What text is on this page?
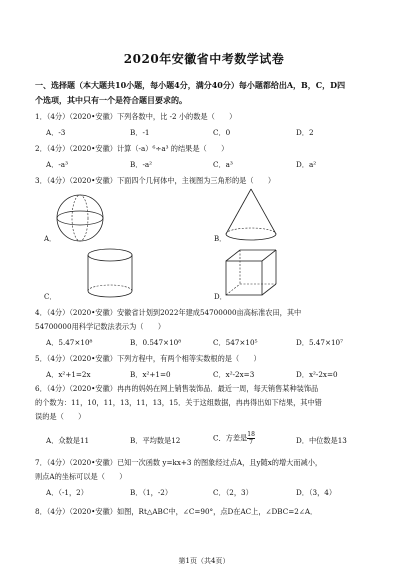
2020年安徽省中考数学试卷
一、选择题（本大题共10小题，每小题4分，满分40分）每小题都给出A，B，C，D四
个选项，其中只有一个是符合题目要求的。
1．（4分）（2020•安徽）下列各数中，比 -2 小的数是（　　）
A．-3	B．-1	C．0	D．2
2．（4分）（2020•安徽）计算（-a）⁶÷a³ 的结果是（　　）
A．-a³	B．-a²	C．a³	D．a²
3．（4分）（2020•安徽）下面四个几何体中，主视图为三角形的是（　　）
A．	B．
C．	D．
4．（4分）（2020•安徽）安徽省计划到2022年建成54700000亩高标准农田，其中
54700000用科学记数法表示为（　　）
A．5.47×10⁸	B．0.547×10⁸	C．547×10⁵	D．5.47×10⁷
5．（4分）（2020•安徽）下列方程中，有两个相等实数根的是（　　）
A．x²+1=2x	B．x²+1=0	C．x²-2x=3	D．x²-2x=0
6．（4分）（2020•安徽）冉冉的妈妈在网上销售装饰品．最近一周，每天销售某种装饰品
的个数为：11，10，11，13，11，13，15．关于这组数据，冉冉得出如下结果，其中错
误的是（　　）
A．众数是11	B．平均数是12	C．方差是 $\frac{18}{7}$	D．中位数是13
7．（4分）（2020•安徽）已知一次函数 y=kx+3 的图象经过点A，且y随x的增大而减小，
则点A的坐标可以是（　　）
A．（-1，2）	B．（1，-2）	C．（2，3）	D．（3，4）
8．（4分）（2020•安徽）如图，Rt△ABC中，∠C=90°，点D在AC上，∠DBC=2∠A．
第1页（共4页）
